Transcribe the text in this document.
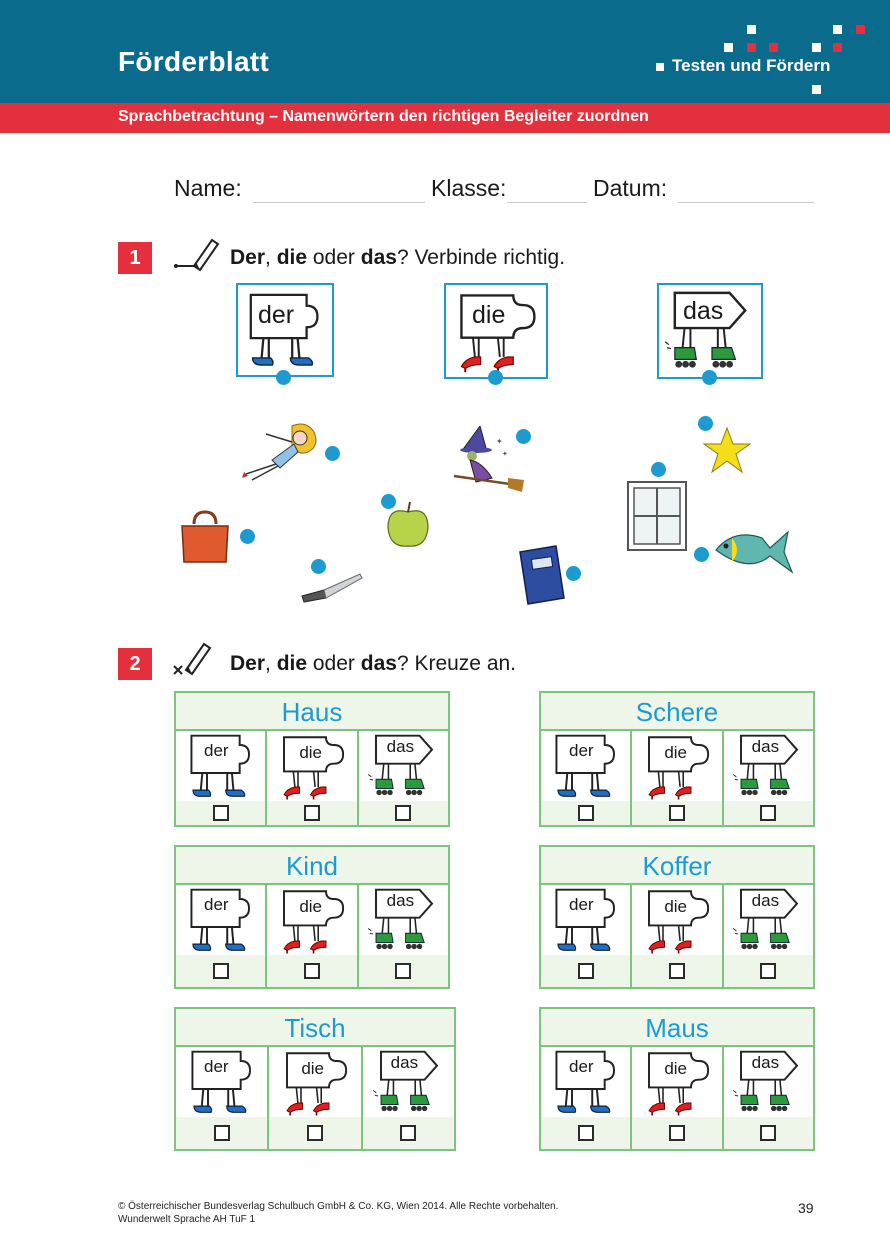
Förderblatt	Testen und Fördern
Sprachbetrachtung – Namenwörtern den richtigen Begleiter zuordnen
Name:	Klasse:	Datum:
1	Der, die oder das? Verbinde richtig.
der	die	das
✦
✦
2	Der, die oder das? Kreuze an.
Haus
der	die	das
Schere
der	die	das
Kind
der	die	das
Koffer
der	die	das
Tisch
der	die	das
Maus
der	die	das
© Österreichischer Bundesverlag Schulbuch GmbH & Co. KG, Wien 2014. Alle Rechte vorbehalten.
Wunderwelt Sprache AH TuF 1
39
